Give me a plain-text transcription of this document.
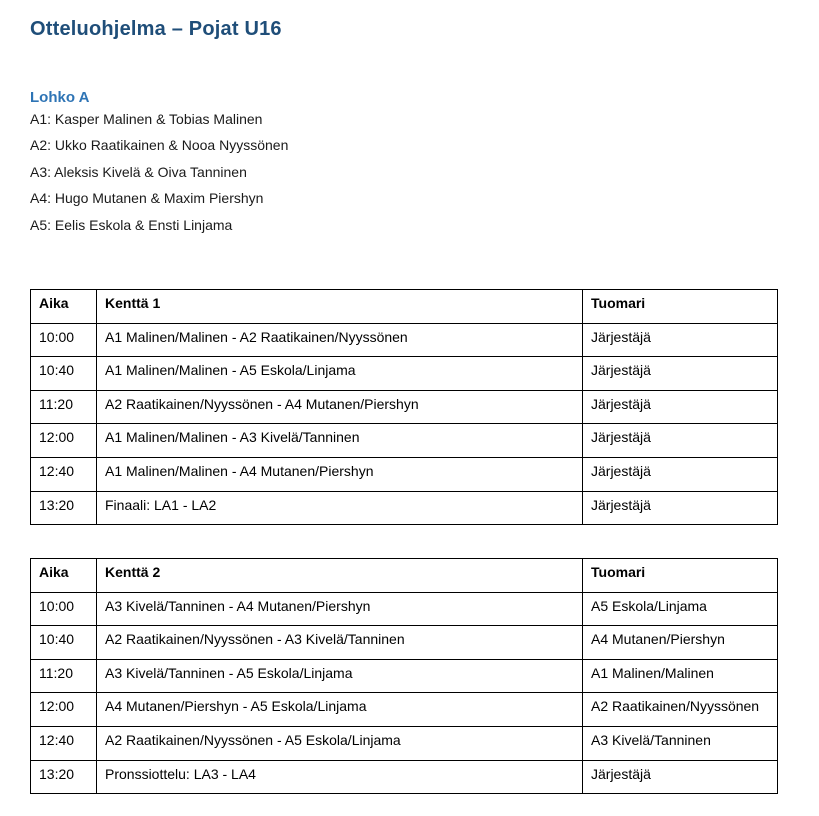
Otteluohjelma – Pojat U16
Lohko A
A1: Kasper Malinen & Tobias Malinen
A2: Ukko Raatikainen & Nooa Nyyssönen
A3: Aleksis Kivelä & Oiva Tanninen
A4: Hugo Mutanen & Maxim Piershyn
A5: Eelis Eskola & Ensti Linjama
Aika	Kenttä 1	Tuomari
10:00	A1 Malinen/Malinen - A2 Raatikainen/Nyyssönen	Järjestäjä
10:40	A1 Malinen/Malinen - A5 Eskola/Linjama	Järjestäjä
11:20	A2 Raatikainen/Nyyssönen - A4 Mutanen/Piershyn	Järjestäjä
12:00	A1 Malinen/Malinen - A3 Kivelä/Tanninen	Järjestäjä
12:40	A1 Malinen/Malinen - A4 Mutanen/Piershyn	Järjestäjä
13:20	Finaali: LA1 - LA2	Järjestäjä
Aika	Kenttä 2	Tuomari
10:00	A3 Kivelä/Tanninen - A4 Mutanen/Piershyn	A5 Eskola/Linjama
10:40	A2 Raatikainen/Nyyssönen - A3 Kivelä/Tanninen	A4 Mutanen/Piershyn
11:20	A3 Kivelä/Tanninen - A5 Eskola/Linjama	A1 Malinen/Malinen
12:00	A4 Mutanen/Piershyn - A5 Eskola/Linjama	A2 Raatikainen/Nyyssönen
12:40	A2 Raatikainen/Nyyssönen - A5 Eskola/Linjama	A3 Kivelä/Tanninen
13:20	Pronssiottelu: LA3 - LA4	Järjestäjä
